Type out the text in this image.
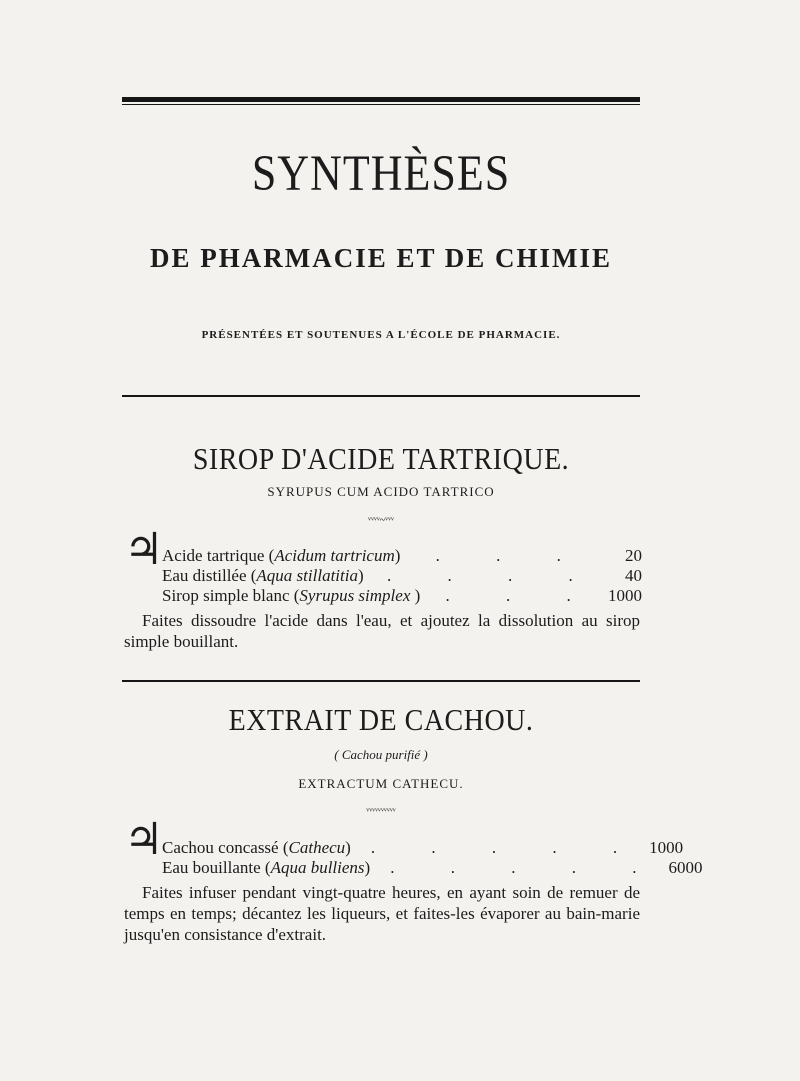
SYNTHÈSES
DE PHARMACIE ET DE CHIMIE
PRÉSENTÉES ET SOUTENUES A L'ÉCOLE DE PHARMACIE.
SIROP D'ACIDE TARTRIQUE.
SYRUPUS CUM ACIDO TARTRICO
ᵛᵛᵛᵛ~ᵛᵛᵛ
♃
Acide tartrique (Acidum tartricum)	. . .	20
Eau distillée (Aqua stillatitia)	. . . .	40
Sirop simple blanc (Syrupus simplex )	. . . 1000
Faites dissoudre l'acide dans l'eau, et ajoutez la dissolution au sirop simple bouillant.
EXTRAIT DE CACHOU.
( Cachou purifié )
EXTRACTUM CATHECU.
ᵛᵛᵛᵛᵛᵛᵛᵛᵛᵛ
♃
Cachou concassé (Cathecu)	. . . . . 1000
Eau bouillante (Aqua bulliens)	. . . . . 6000
Faites infuser pendant vingt-quatre heures, en ayant soin de remuer de temps en temps; décantez les liqueurs, et faites-les évaporer au bain-marie jusqu'en consistance d'extrait.
